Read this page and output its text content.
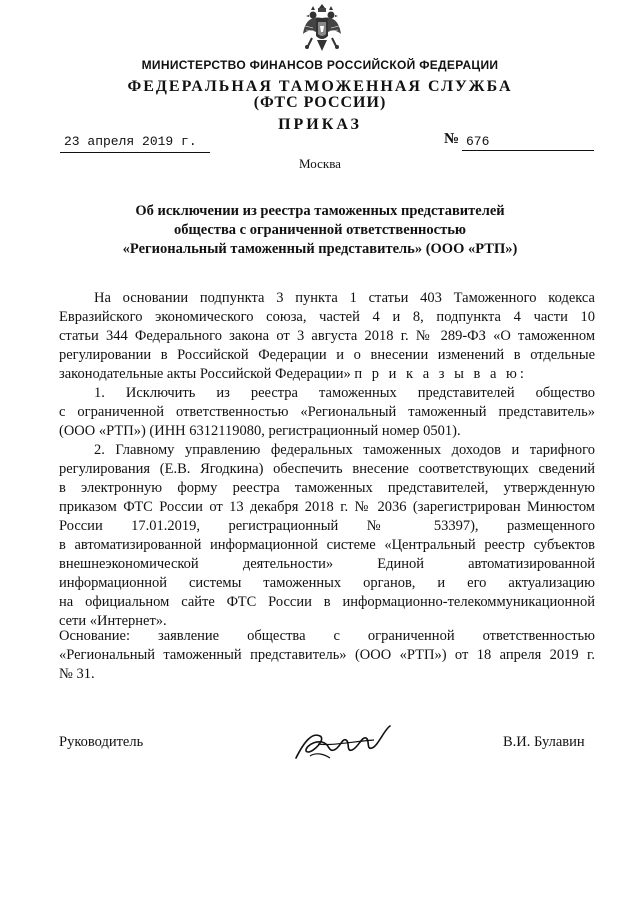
МИНИСТЕРСТВО ФИНАНСОВ РОССИЙСКОЙ ФЕДЕРАЦИИ
ФЕДЕРАЛЬНАЯ ТАМОЖЕННАЯ СЛУЖБА
(ФТС РОССИИ)
ПРИКАЗ
23 апреля 2019 г.	№ 676
Москва
Об исключении из реестра таможенных представителей
общества с ограниченной ответственностью
«Региональный таможенный представитель» (ООО «РТП»)
На основании подпункта 3 пункта 1 статьи 403 Таможенного кодекса
Евразийского экономического союза, частей 4 и 8, подпункта 4 части 10
статьи 344 Федерального закона от 3 августа 2018 г. № 289-ФЗ «О таможенном
регулировании в Российской Федерации и о внесении изменений в отдельные
законодательные акты Российской Федерации» п р и к а з ы в а ю:
1. Исключить из реестра таможенных представителей общество
с ограниченной ответственностью «Региональный таможенный представитель»
(ООО «РТП») (ИНН 6312119080, регистрационный номер 0501).
2. Главному управлению федеральных таможенных доходов и тарифного
регулирования (Е.В. Ягодкина) обеспечить внесение соответствующих сведений
в электронную форму реестра таможенных представителей, утвержденную
приказом ФТС России от 13 декабря 2018 г. № 2036 (зарегистрирован Минюстом
России 17.01.2019, регистрационный № 53397), размещенного
в автоматизированной информационной системе «Центральный реестр субъектов
внешнеэкономической деятельности» Единой автоматизированной
информационной системы таможенных органов, и его актуализацию
на официальном сайте ФТС России в информационно-телекоммуникационной
сети «Интернет».
Основание: заявление общества с ограниченной ответственностью
«Региональный таможенный представитель» (ООО «РТП») от 18 апреля 2019 г.
№ 31.
Руководитель	В.И. Булавин
